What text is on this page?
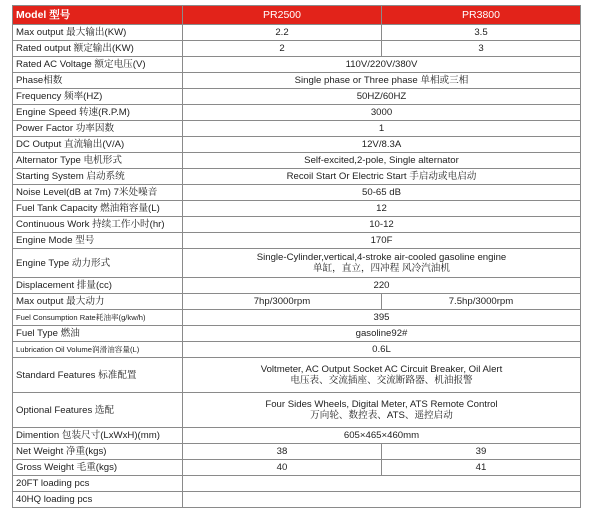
Model 型号	PR2500	PR3800
Max output 最大输出(KW)	2.2	3.5
Rated output 额定输出(KW)	2	3
Rated AC Voltage 额定电压(V)	110V/220V/380V	
Phase相数	Single phase or Three phase 单相或三相	
Frequency 频率(HZ)	50HZ/60HZ	
Engine Speed 转速(R.P.M)	3000	
Power Factor 功率因数	1	
DC Output 直流输出(V/A)	12V/8.3A	
Alternator Type 电机形式	Self-excited,2-pole, Single alternator	
Starting System 启动系统	Recoil Start Or Electric Start 手启动或电启动	
Noise Level(dB at 7m) 7米处噪音	50-65 dB	
Fuel Tank Capacity 燃油箱容量(L)	12	
Continuous Work 持续工作小时(hr)	10-12	
Engine Mode 型号	170F	
Engine Type 动力形式	Single-Cylinder,vertical,4-stroke air-cooled gasoline engine
单缸，直立，四冲程 风冷汽油机	

Displacement 排量(cc)	220	
Max output 最大动力	7hp/3000rpm	7.5hp/3000rpm
Fuel Consumption Rate耗油率(g/kw/h)	395	
Fuel Type 燃油	gasoline92#	
Lubrication Oil Volume润滑油容量(L)	0.6L	
Standard Features 标准配置	Voltmeter, AC Output Socket AC Circuit Breaker, Oil Alert
电压表、交流插座、交流断路器、机油报警	

Optional Features 选配	Four Sides Wheels, Digital Meter, ATS Remote Control
万向轮、数控表、ATS、遥控启动	

Dimention 包装尺寸(LxWxH)(mm)	605×465×460mm	
Net Weight 净重(kgs)	38	39
Gross Weight 毛重(kgs)	40	41
20FT loading pcs		
40HQ loading pcs		
